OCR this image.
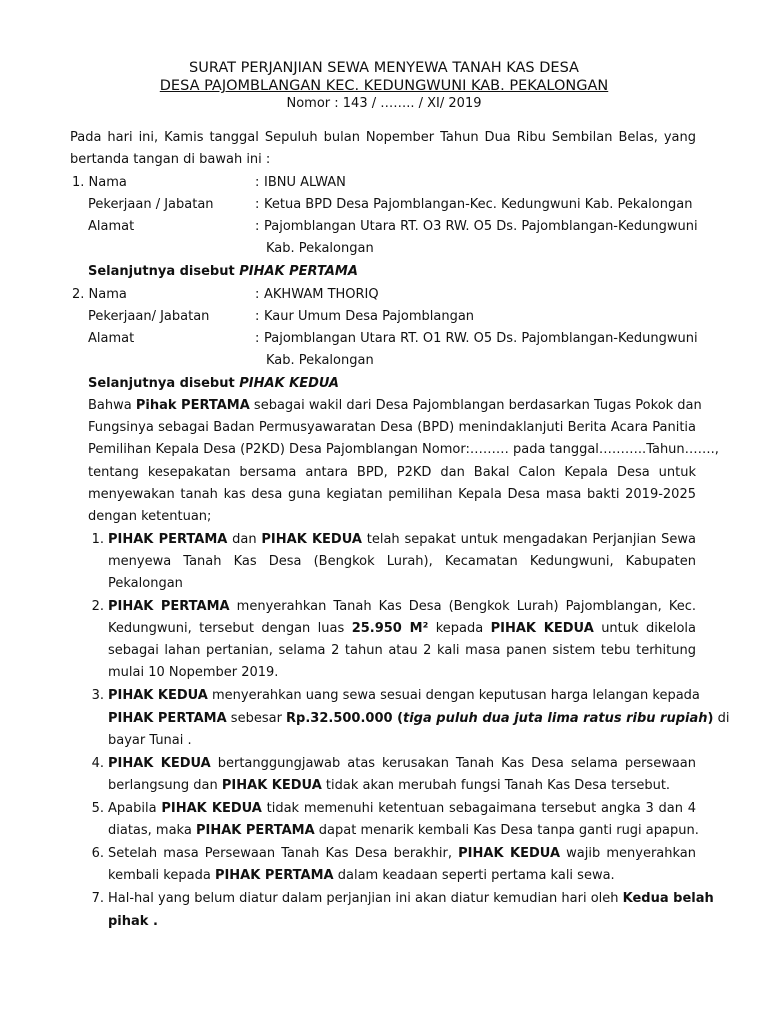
SURAT PERJANJIAN SEWA MENYEWA TANAH KAS DESA
DESA PAJOMBLANGAN KEC. KEDUNGWUNI KAB. PEKALONGAN
Nomor : 143 / …….. / XI/ 2019
Pada hari ini, Kamis tanggal Sepuluh bulan Nopember Tahun Dua Ribu Sembilan Belas, yang
bertanda tangan di bawah ini :
1. Nama	: IBNU ALWAN
Pekerjaan / Jabatan	: Ketua BPD Desa Pajomblangan-Kec. Kedungwuni Kab. Pekalongan
Alamat	: Pajomblangan Utara RT. O3 RW. O5 Ds. Pajomblangan-Kedungwuni
Kab. Pekalongan
Selanjutnya disebut PIHAK PERTAMA
2. Nama	: AKHWAM THORIQ
Pekerjaan/ Jabatan	: Kaur Umum Desa Pajomblangan
Alamat	: Pajomblangan Utara RT. O1 RW. O5 Ds. Pajomblangan-Kedungwuni
Kab. Pekalongan
Selanjutnya disebut PIHAK KEDUA
Bahwa Pihak PERTAMA sebagai wakil dari Desa Pajomblangan berdasarkan Tugas Pokok dan
Fungsinya sebagai Badan Permusyawaratan Desa (BPD) menindaklanjuti Berita Acara Panitia
Pemilihan Kepala Desa (P2KD) Desa Pajomblangan Nomor:……… pada tanggal………..Tahun…….,
tentang kesepakatan bersama antara BPD, P2KD dan Bakal Calon Kepala Desa untuk
menyewakan tanah kas desa guna kegiatan pemilihan Kepala Desa masa bakti 2019-2025
dengan ketentuan;
1. PIHAK PERTAMA dan PIHAK KEDUA telah sepakat untuk mengadakan Perjanjian Sewa
menyewa Tanah Kas Desa (Bengkok Lurah), Kecamatan Kedungwuni, Kabupaten
Pekalongan
2. PIHAK PERTAMA menyerahkan Tanah Kas Desa (Bengkok Lurah) Pajomblangan, Kec.
Kedungwuni, tersebut dengan luas 25.950 M² kepada PIHAK KEDUA untuk dikelola
sebagai lahan pertanian, selama 2 tahun atau 2 kali masa panen sistem tebu terhitung
mulai 10 Nopember 2019.
3. PIHAK KEDUA menyerahkan uang sewa sesuai dengan keputusan harga lelangan kepada
PIHAK PERTAMA sebesar Rp.32.500.000 (tiga puluh dua juta lima ratus ribu rupiah) di
bayar Tunai .
4. PIHAK KEDUA bertanggungjawab atas kerusakan Tanah Kas Desa selama persewaan
berlangsung dan PIHAK KEDUA tidak akan merubah fungsi Tanah Kas Desa tersebut.
5. Apabila PIHAK KEDUA tidak memenuhi ketentuan sebagaimana tersebut angka 3 dan 4
diatas, maka PIHAK PERTAMA dapat menarik kembali Kas Desa tanpa ganti rugi apapun.
6. Setelah masa Persewaan Tanah Kas Desa berakhir, PIHAK KEDUA wajib menyerahkan
kembali kepada PIHAK PERTAMA dalam keadaan seperti pertama kali sewa.
7. Hal-hal yang belum diatur dalam perjanjian ini akan diatur kemudian hari oleh Kedua belah
pihak .
